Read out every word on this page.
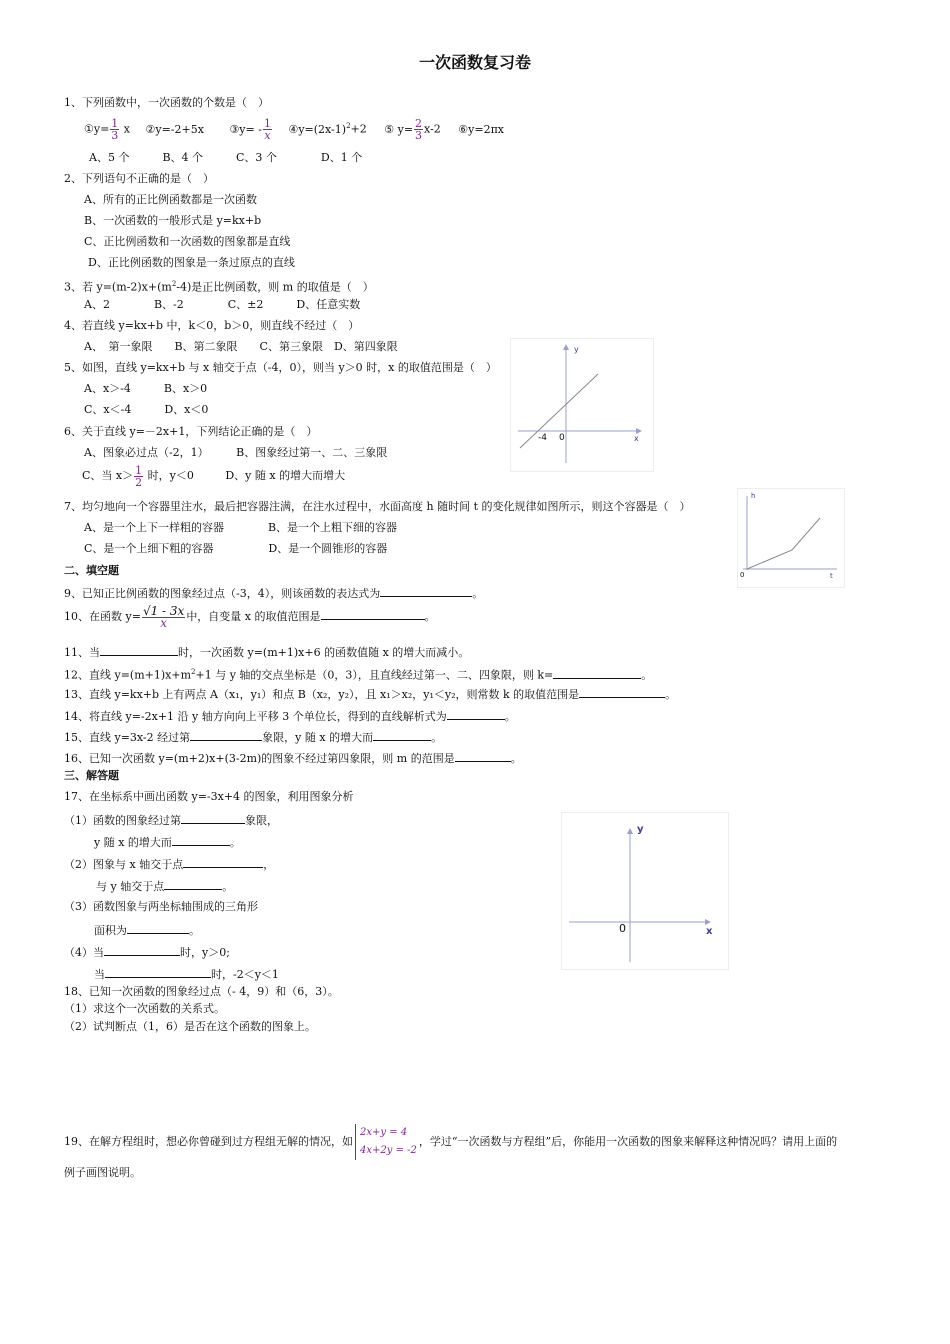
一次函数复习卷
1、下列函数中，一次函数的个数是（　）
①y= $\frac{1}{3}$ x ②y=-2+5x ③y= - $\frac{1}{x}$ $④y=(2x-1)^2+2$ ⑤ $y= \frac{2}{3} x-2$ ⑥y=2πx
A、5 个　　　B、4 个　　　C、3 个　　　　D、1 个
2、下列语句不正确的是（　）
A、所有的正比例函数都是一次函数
B、一次函数的一般形式是 y=kx+b
C、正比例函数和一次函数的图象都是直线
D、正比例函数的图象是一条过原点的直线
3、若 $y=(m-2)x+(m^2-4)$是正比例函数，则 m 的取值是（　）
A、2　　　　B、-2　　　　C、±2　　　D、任意实数
4、若直线 y=kx+b 中，k＜0，b＞0，则直线不经过（　）
A、　第一象限　　B、第二象限　　C、第三象限　D、第四象限
5、如图，直线 y=kx+b 与 x 轴交于点（-4，0），则当 y＞0 时，x 的取值范围是（　）
A、x＞-4　　　B、x＞0
C、x＜-4　　　D、x＜0
y
x
-4 0
6、关于直线 y=－2x+1，下列结论正确的是（　）
A、图象必过点（-2，1）　　　B、图象经过第一、二、三象限
C、当 $x> \frac{1}{2}$ 时，y＜0	D、y 随 x 的增大而增大
7、均匀地向一个容器里注水，最后把容器注满，在注水过程中，水面高度 h 随时间 t 的变化规律如图所示，则这个容器是（　）
A、是一个上下一样粗的容器　　　　B、是一个上粗下细的容器
C、是一个上细下粗的容器　　　　　D、是一个圆锥形的容器
h
t
0
二、填空题
9、已知正比例函数的图象经过点（-3，4），则该函数的表达式为	。
10、在函数 $y= \frac{√1 - 3x}{x}$ 中，自变量 x 的取值范围是	。
11、当	时，一次函数 y=(m+1)x+6 的函数值随 x 的增大而减小。
12、直线 $y=(m+1)x+m^2+1$ 与 y 轴的交点坐标是（0，3），且直线经过第一、二、四象限，则 k=	。
13、直线 y=kx+b 上有两点 A（x₁，y₁）和点 B（x₂，y₂），且 x₁＞x₂，y₁＜y₂，则常数 k 的取值范围是	。
14、将直线 y=-2x+1 沿 y 轴方向向上平移 3 个单位长，得到的直线解析式为	。
15、直线 y=3x-2 经过第	象限，y 随 x 的增大而	。
16、已知一次函数 y=(m+2)x+(3-2m)的图象不经过第四象限，则 m 的范围是	。
三、解答题
17、在坐标系中画出函数 y=-3x+4 的图象，利用图象分析
（1）函数的图象经过第	象限，
y 随 x 的增大而	。
（2）图象与 x 轴交于点	，
与 y 轴交于点	。
（3）函数图象与两坐标轴围成的三角形
面积为	。
（4）当	时，y＞0;
当	时，-2＜y＜1
y
x
0
18、已知一次函数的图象经过点（- 4，9）和（6，3）。
（1）求这个一次函数的关系式。
（2）试判断点（1，6）是否在这个函数的图象上。
19、在解方程组时，想必你曾碰到过方程组无解的情况，如
2x+y = 4
4x+2y = -2
，学过“一次函数与方程组”后，你能用一次函数的图象来解释这种情况吗？请用上面的
例子画图说明。
